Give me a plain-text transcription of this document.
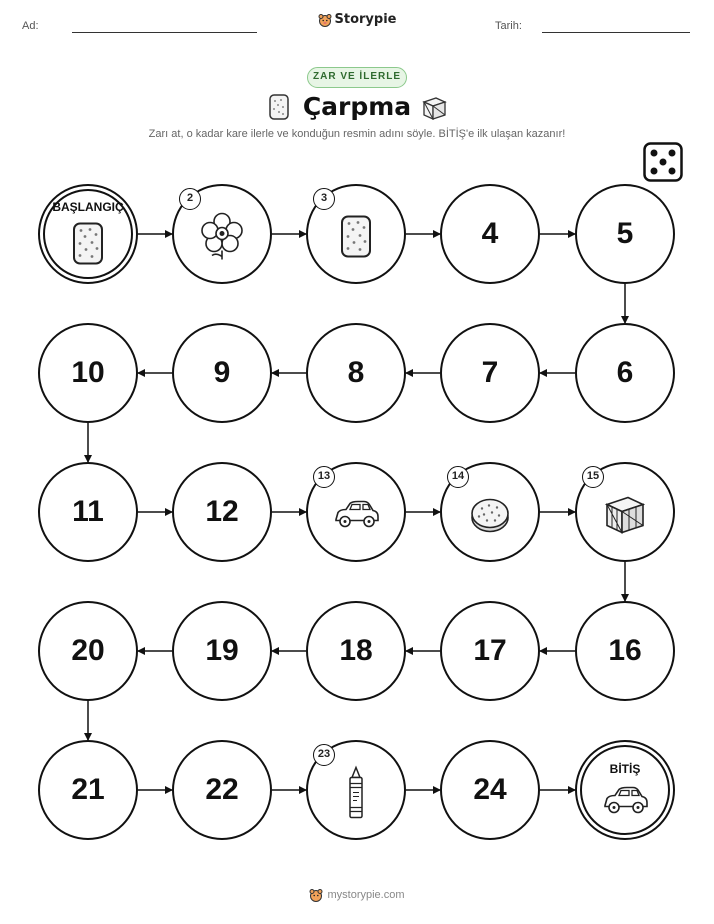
Ad:	Storypie	Tarih:
ZAR VE İLERLE
Çarpma
Zarı at, o kadar kare ilerle ve konduğun resmin adını söyle. BİTİŞ'e ilk ulaşan kazanır!
BAŞLANGIÇ
2	3
4	5
6
7
8
9
10
11	12
13	14	15
16
17
18
19
20
21	22
23
24
BİTİŞ
mystorypie.com
